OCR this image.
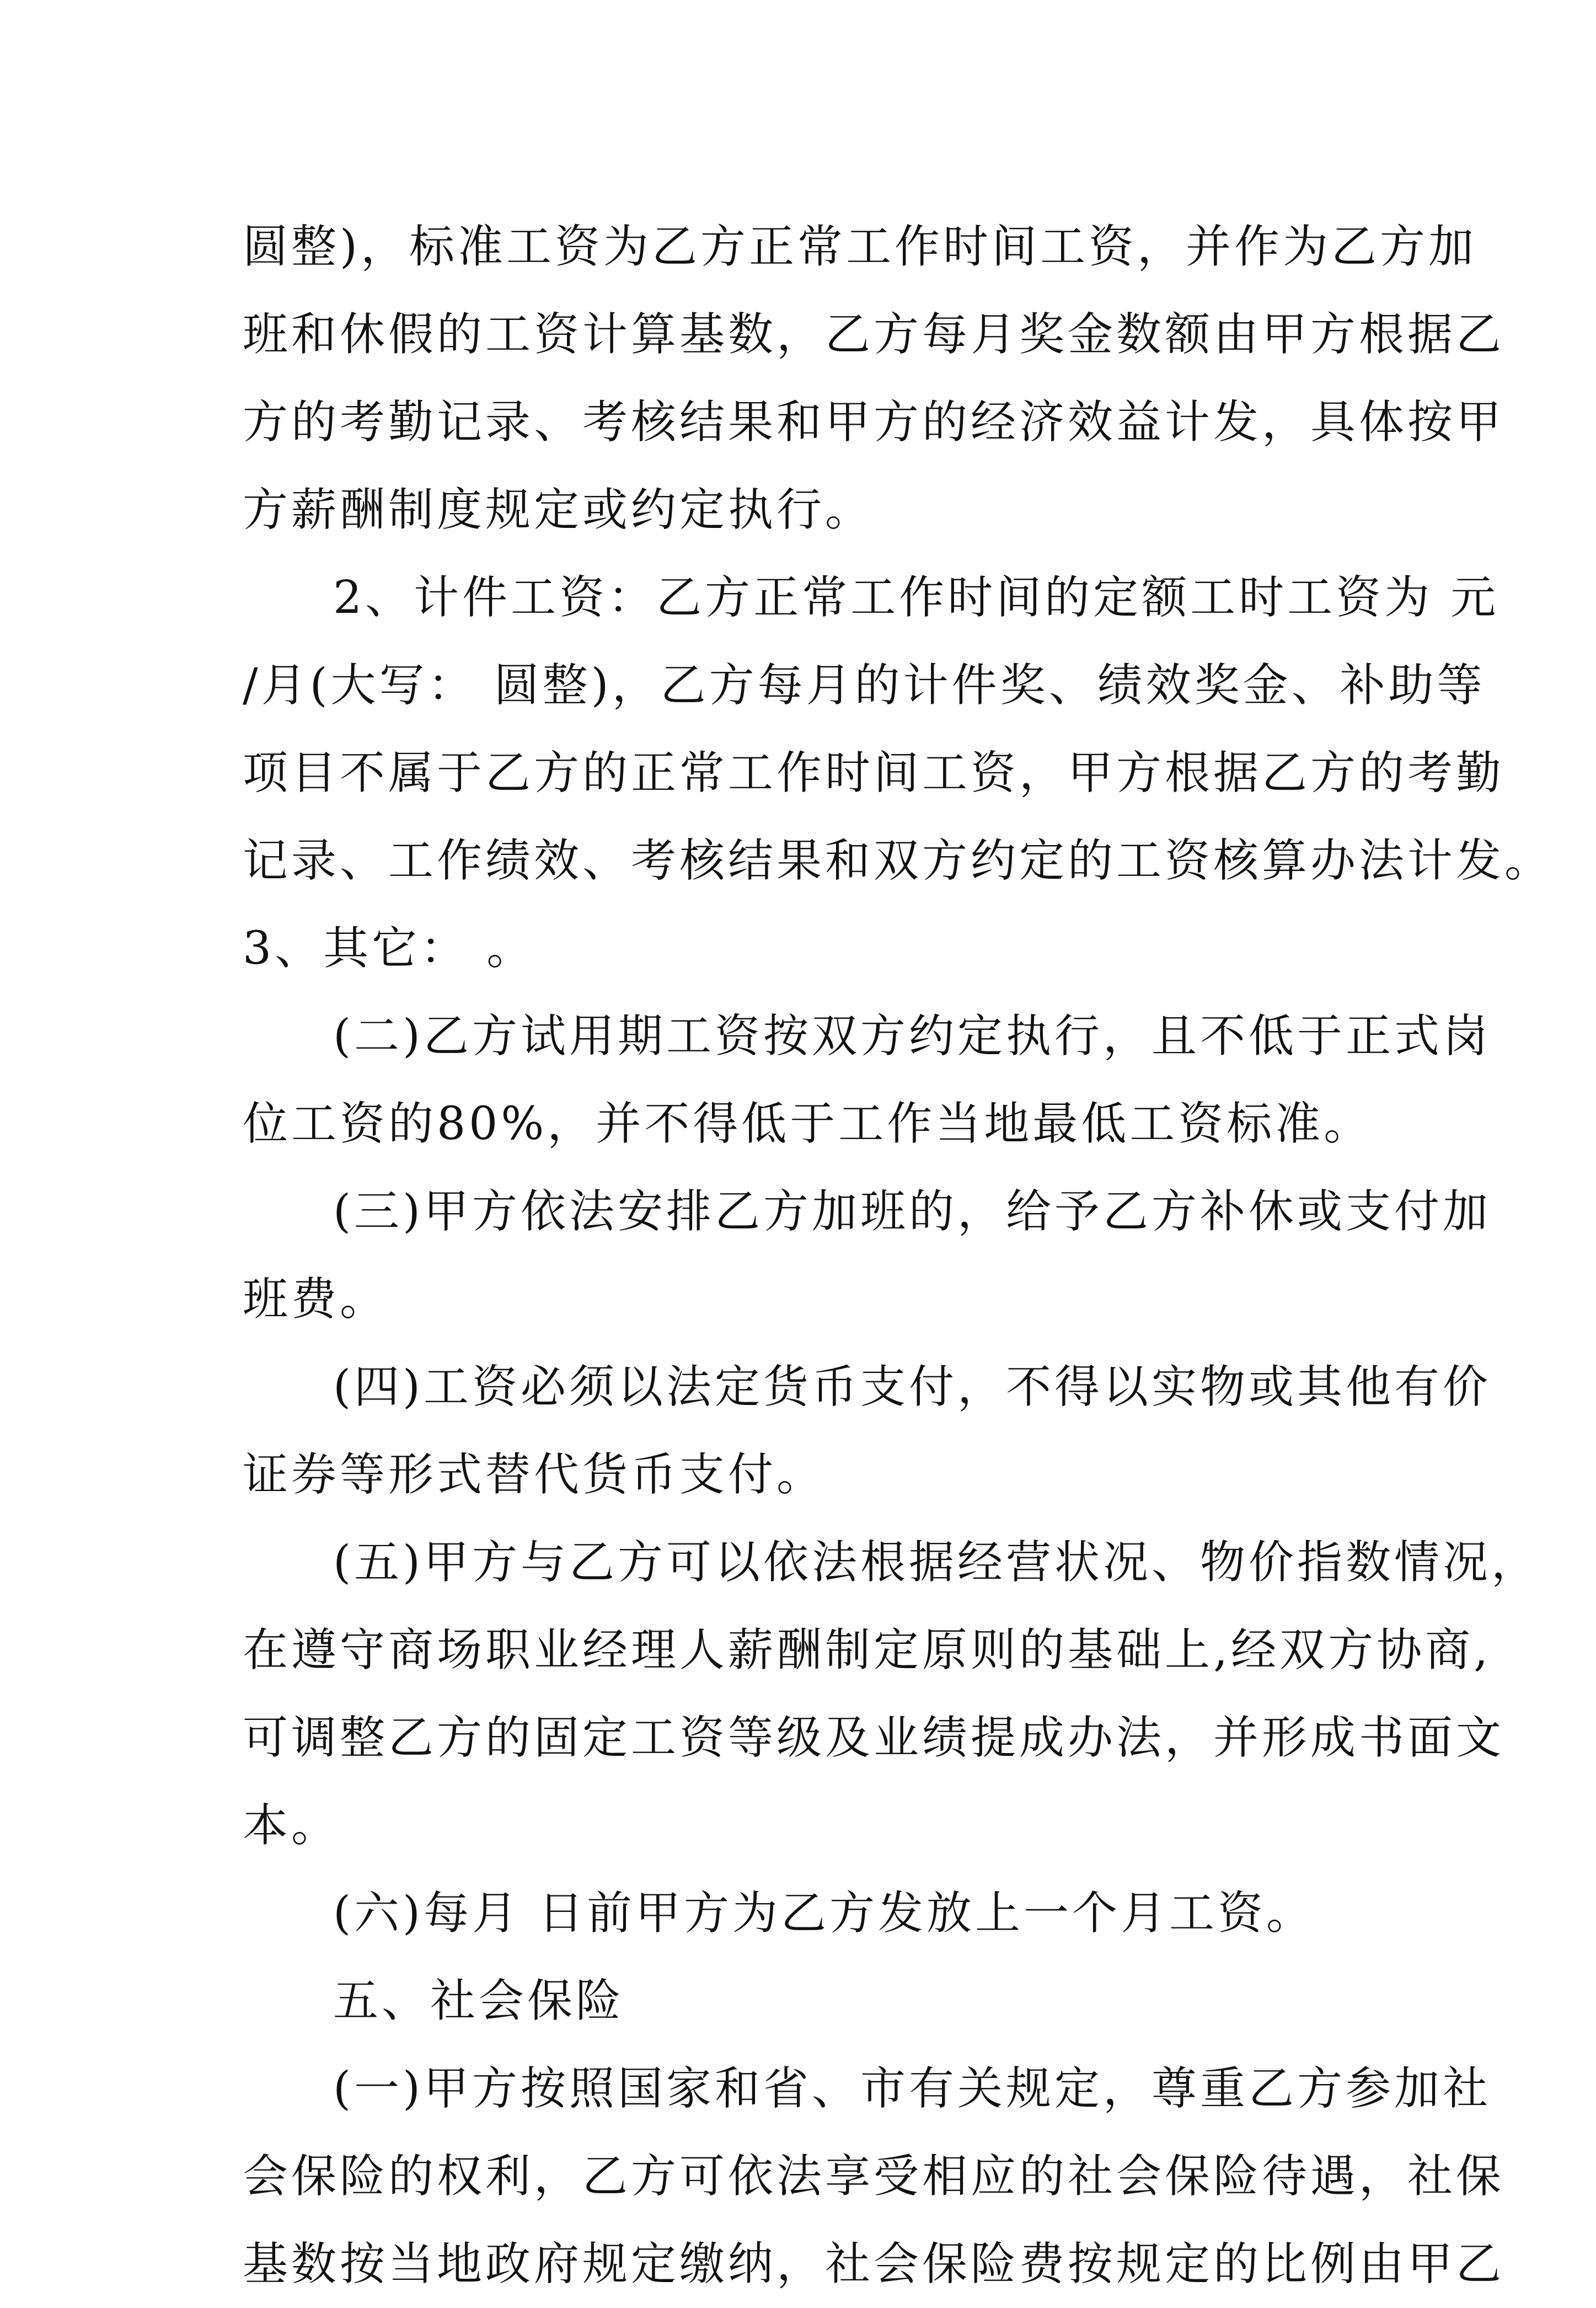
圆整)，标准工资为乙方正常工作时间工资，并作为乙方加
班和休假的工资计算基数，乙方每月奖金数额由甲方根据乙
方的考勤记录、考核结果和甲方的经济效益计发，具体按甲
方薪酬制度规定或约定执行。
2、计件工资：乙方正常工作时间的定额工时工资为 元
/月(大写： 圆整)，乙方每月的计件奖、绩效奖金、补助等
项目不属于乙方的正常工作时间工资，甲方根据乙方的考勤
记录、工作绩效、考核结果和双方约定的工资核算办法计发。
3、其它： 。
(二)乙方试用期工资按双方约定执行，且不低于正式岗
位工资的80%，并不得低于工作当地最低工资标准。
(三)甲方依法安排乙方加班的，给予乙方补休或支付加
班费。
(四)工资必须以法定货币支付，不得以实物或其他有价
证券等形式替代货币支付。
(五)甲方与乙方可以依法根据经营状况、物价指数情况，
在遵守商场职业经理人薪酬制定原则的基础上,经双方协商,
可调整乙方的固定工资等级及业绩提成办法，并形成书面文
本。
(六)每月 日前甲方为乙方发放上一个月工资。
五、社会保险
(一)甲方按照国家和省、市有关规定，尊重乙方参加社
会保险的权利，乙方可依法享受相应的社会保险待遇，社保
基数按当地政府规定缴纳，社会保险费按规定的比例由甲乙
